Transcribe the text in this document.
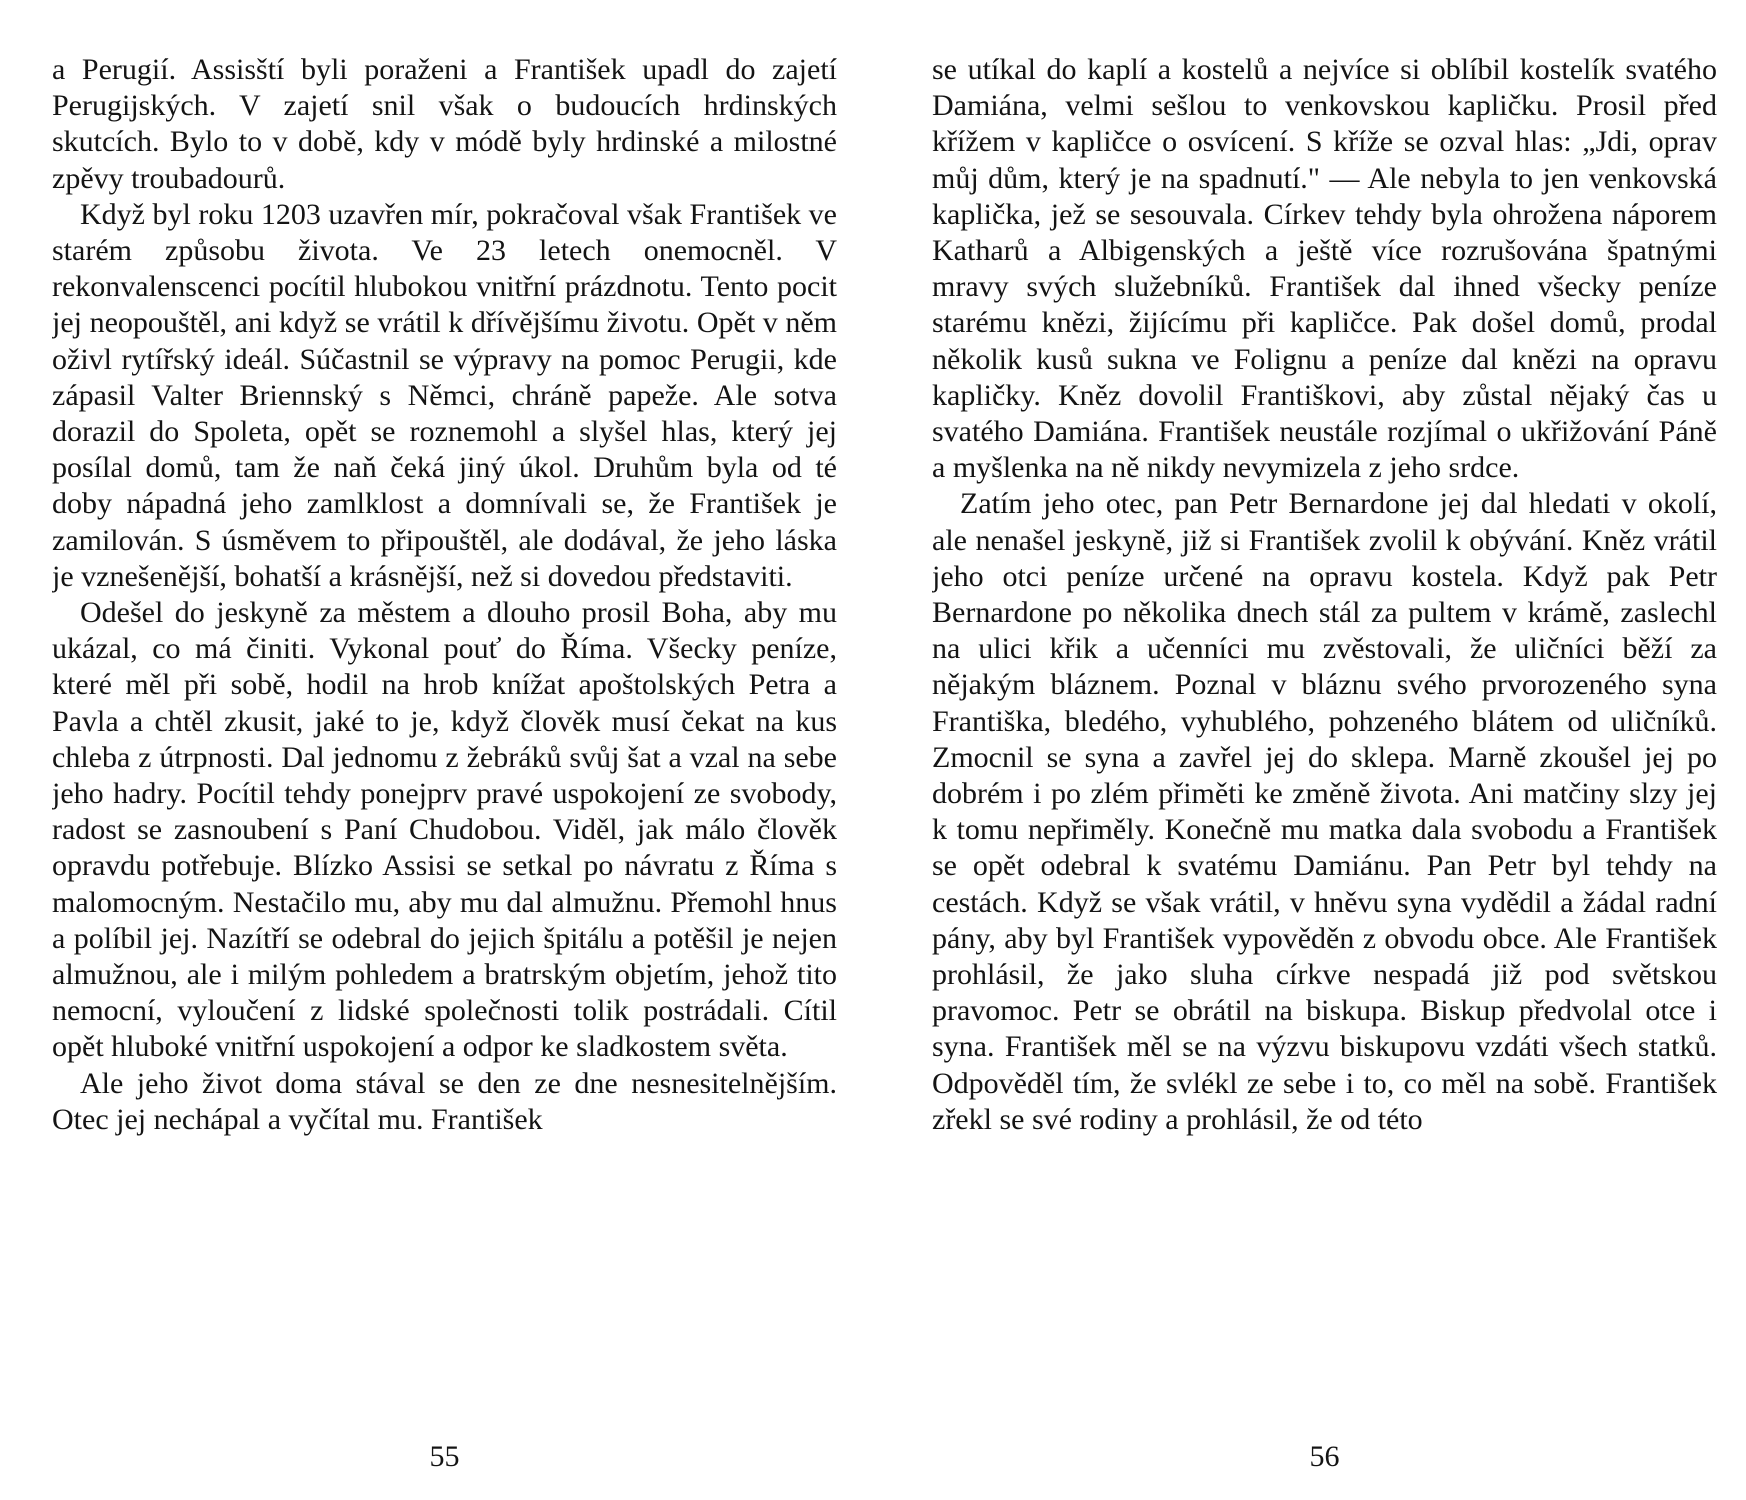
a Perugií. Assisští byli poraženi a František upadl do zajetí Perugijských. V zajetí snil však o budoucích hrdinských skutcích. Bylo to v době, kdy v módě byly hrdinské a milostné zpěvy troubadourů.

Když byl roku 1203 uzavřen mír, pokračoval však František ve starém způsobu života. Ve 23 letech onemocněl. V rekonvalenscenci pocítil hlubokou vnitřní prázdnotu. Tento pocit jej neopouštěl, ani když se vrátil k dřívějšímu životu. Opět v něm oživl rytířský ideál. Súčastnil se výpravy na pomoc Perugii, kde zápasil Valter Briennský s Němci, chráně papeže. Ale sotva dorazil do Spoleta, opět se roznemohl a slyšel hlas, který jej posílal domů, tam že naň čeká jiný úkol. Druhům byla od té doby nápadná jeho zamlklost a domnívali se, že František je zamilován. S úsměvem to připouštěl, ale dodával, že jeho láska je vznešenější, bohatší a krásnější, než si dovedou představiti.

Odešel do jeskyně za městem a dlouho prosil Boha, aby mu ukázal, co má činiti. Vykonal pouť do Říma. Všecky peníze, které měl při sobě, hodil na hrob knížat apoštolských Petra a Pavla a chtěl zkusit, jaké to je, když člověk musí čekat na kus chleba z útrpnosti. Dal jednomu z žebráků svůj šat a vzal na sebe jeho hadry. Pocítil tehdy ponejprv pravé uspokojení ze svobody, radost se zasnoubení s Paní Chudobou. Viděl, jak málo člověk opravdu potřebuje. Blízko Assisi se setkal po návratu z Říma s malomocným. Nestačilo mu, aby mu dal almužnu. Přemohl hnus a políbil jej. Nazítří se odebral do jejich špitálu a potěšil je nejen almužnou, ale i milým pohledem a bratrským objetím, jehož tito nemocní, vyloučení z lidské společnosti tolik postrádali. Cítil opět hluboké vnitřní uspokojení a odpor ke sladkostem světa.

Ale jeho život doma stával se den ze dne nesnesitelnějším. Otec jej nechápal a vyčítal mu. František

55

se utíkal do kaplí a kostelů a nejvíce si oblíbil kostelík svatého Damiána, velmi sešlou to venkovskou kapličku. Prosil před křížem v kapličce o osvícení. S kříže se ozval hlas: „Jdi, oprav můj dům, který je na spadnutí." — Ale nebyla to jen venkovská kaplička, jež se sesouvala. Církev tehdy byla ohrožena náporem Katharů a Albigenských a ještě více rozrušována špatnými mravy svých služebníků. František dal ihned všecky peníze starému knězi, žijícímu při kapličce. Pak došel domů, prodal několik kusů sukna ve Folignu a peníze dal knězi na opravu kapličky. Kněz dovolil Františkovi, aby zůstal nějaký čas u svatého Damiána. František neustále rozjímal o ukřižování Páně a myšlenka na ně nikdy nevymizela z jeho srdce.

Zatím jeho otec, pan Petr Bernardone jej dal hledati v okolí, ale nenašel jeskyně, již si František zvolil k obývání. Kněz vrátil jeho otci peníze určené na opravu kostela. Když pak Petr Bernardone po několika dnech stál za pultem v krámě, zaslechl na ulici křik a učenníci mu zvěstovali, že uličníci běží za nějakým bláznem. Poznal v bláznu svého prvorozeného syna Františka, bledého, vyhublého, pohzeného blátem od uličníků. Zmocnil se syna a zavřel jej do sklepa. Marně zkoušel jej po dobrém i po zlém přiměti ke změně života. Ani matčiny slzy jej k tomu nepřiměly. Konečně mu matka dala svobodu a František se opět odebral k svatému Damiánu. Pan Petr byl tehdy na cestách. Když se však vrátil, v hněvu syna vydědil a žádal radní pány, aby byl František vypověděn z obvodu obce. Ale František prohlásil, že jako sluha církve nespadá již pod světskou pravomoc. Petr se obrátil na biskupa. Biskup předvolal otce i syna. František měl se na výzvu biskupovu vzdáti všech statků. Odpověděl tím, že svlékl ze sebe i to, co měl na sobě. František zřekl se své rodiny a prohlásil, že od této

56
